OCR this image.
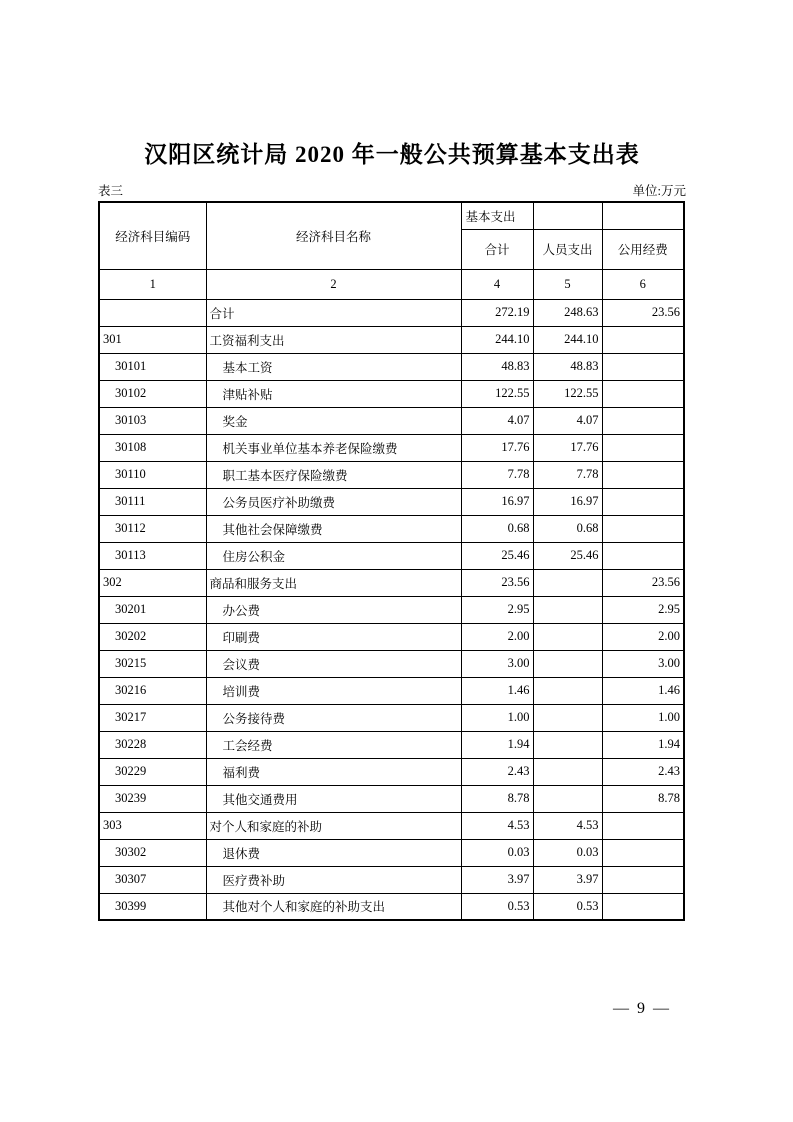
汉阳区统计局 2020 年一般公共预算基本支出表
表三	单位:万元
经济科目编码	经济科目名称	基本支出		
		合计	人员支出	公用经费
1	2	4	5	6
	合计	272.19	248.63	23.56
301	工资福利支出	244.10	244.10	
30101	基本工资	48.83	48.83	
30102	津贴补贴	122.55	122.55	
30103	奖金	4.07	4.07	
30108	机关事业单位基本养老保险缴费	17.76	17.76	
30110	职工基本医疗保险缴费	7.78	7.78	
30111	公务员医疗补助缴费	16.97	16.97	
30112	其他社会保障缴费	0.68	0.68	
30113	住房公积金	25.46	25.46	
302	商品和服务支出	23.56		23.56
30201	办公费	2.95		2.95
30202	印刷费	2.00		2.00
30215	会议费	3.00		3.00
30216	培训费	1.46		1.46
30217	公务接待费	1.00		1.00
30228	工会经费	1.94		1.94
30229	福利费	2.43		2.43
30239	其他交通费用	8.78		8.78
303	对个人和家庭的补助	4.53	4.53	
30302	退休费	0.03	0.03	
30307	医疗费补助	3.97	3.97	
30399	其他对个人和家庭的补助支出	0.53	0.53	
— 9 —
